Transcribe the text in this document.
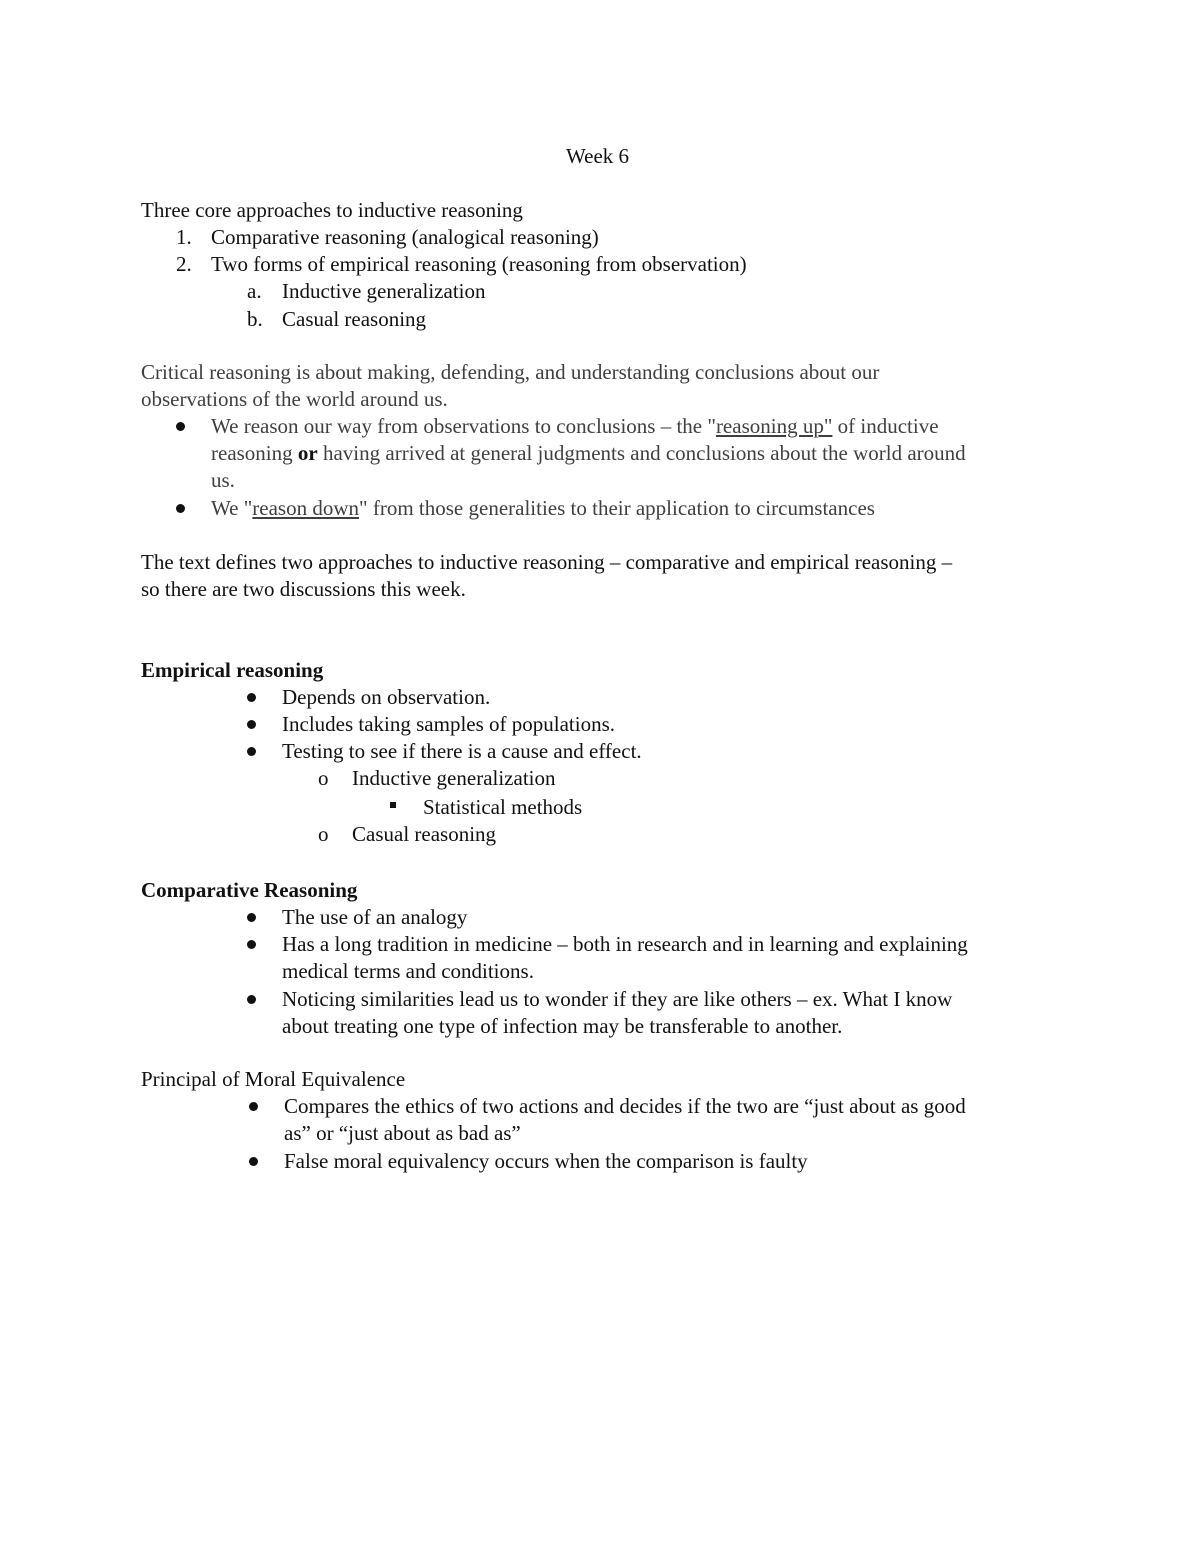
Week 6
Three core approaches to inductive reasoning
1. Comparative reasoning (analogical reasoning)
2. Two forms of empirical reasoning (reasoning from observation)
a. Inductive generalization
b. Casual reasoning
Critical reasoning is about making, defending, and understanding conclusions about our
observations of the world around us.
We reason our way from observations to conclusions – the "reasoning up" of inductive
reasoning or having arrived at general judgments and conclusions about the world around
us.
We "reason down" from those generalities to their application to circumstances
The text defines two approaches to inductive reasoning – comparative and empirical reasoning –
so there are two discussions this week.
Empirical reasoning
Depends on observation.
Includes taking samples of populations.
Testing to see if there is a cause and effect.
o Inductive generalization
Statistical methods
o Casual reasoning
Comparative Reasoning
The use of an analogy
Has a long tradition in medicine – both in research and in learning and explaining
medical terms and conditions.
Noticing similarities lead us to wonder if they are like others – ex. What I know
about treating one type of infection may be transferable to another.
Principal of Moral Equivalence
Compares the ethics of two actions and decides if the two are “just about as good
as” or “just about as bad as”
False moral equivalency occurs when the comparison is faulty
